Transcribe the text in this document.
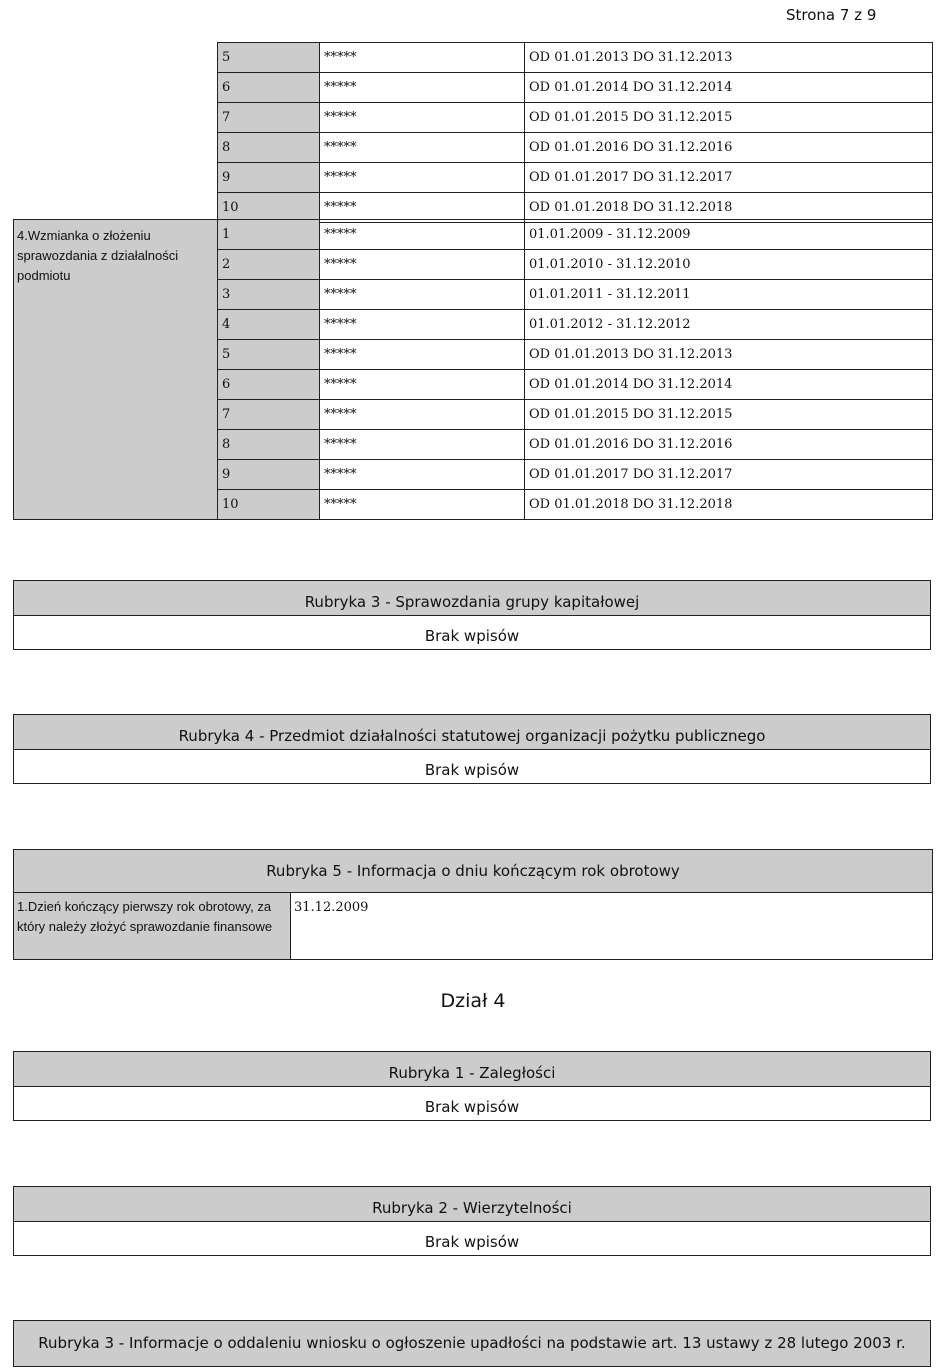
Strona 7 z 9
5	*****	OD 01.01.2013 DO 31.12.2013
6	*****	OD 01.01.2014 DO 31.12.2014
7	*****	OD 01.01.2015 DO 31.12.2015
8	*****	OD 01.01.2016 DO 31.12.2016
9	*****	OD 01.01.2017 DO 31.12.2017
10	*****	OD 01.01.2018 DO 31.12.2018
4.Wzmianka o złożeniu sprawozdania z działalności podmiotu	1	*****	01.01.2009 - 31.12.2009
	2	*****	01.01.2010 - 31.12.2010
	3	*****	01.01.2011 - 31.12.2011
	4	*****	01.01.2012 - 31.12.2012
	5	*****	OD 01.01.2013 DO 31.12.2013
	6	*****	OD 01.01.2014 DO 31.12.2014
	7	*****	OD 01.01.2015 DO 31.12.2015
	8	*****	OD 01.01.2016 DO 31.12.2016
	9	*****	OD 01.01.2017 DO 31.12.2017
	10	*****	OD 01.01.2018 DO 31.12.2018
Rubryka 3 - Sprawozdania grupy kapitałowej
Brak wpisów
Rubryka 4 - Przedmiot działalności statutowej organizacji pożytku publicznego
Brak wpisów
Rubryka 5 - Informacja o dniu kończącym rok obrotowy
1.Dzień kończący pierwszy rok obrotowy, za który należy złożyć sprawozdanie finansowe	31.12.2009
Dział 4
Rubryka 1 - Zaległości
Brak wpisów
Rubryka 2 - Wierzytelności
Brak wpisów
Rubryka 3 - Informacje o oddaleniu wniosku o ogłoszenie upadłości na podstawie art. 13 ustawy z 28 lutego 2003 r.
